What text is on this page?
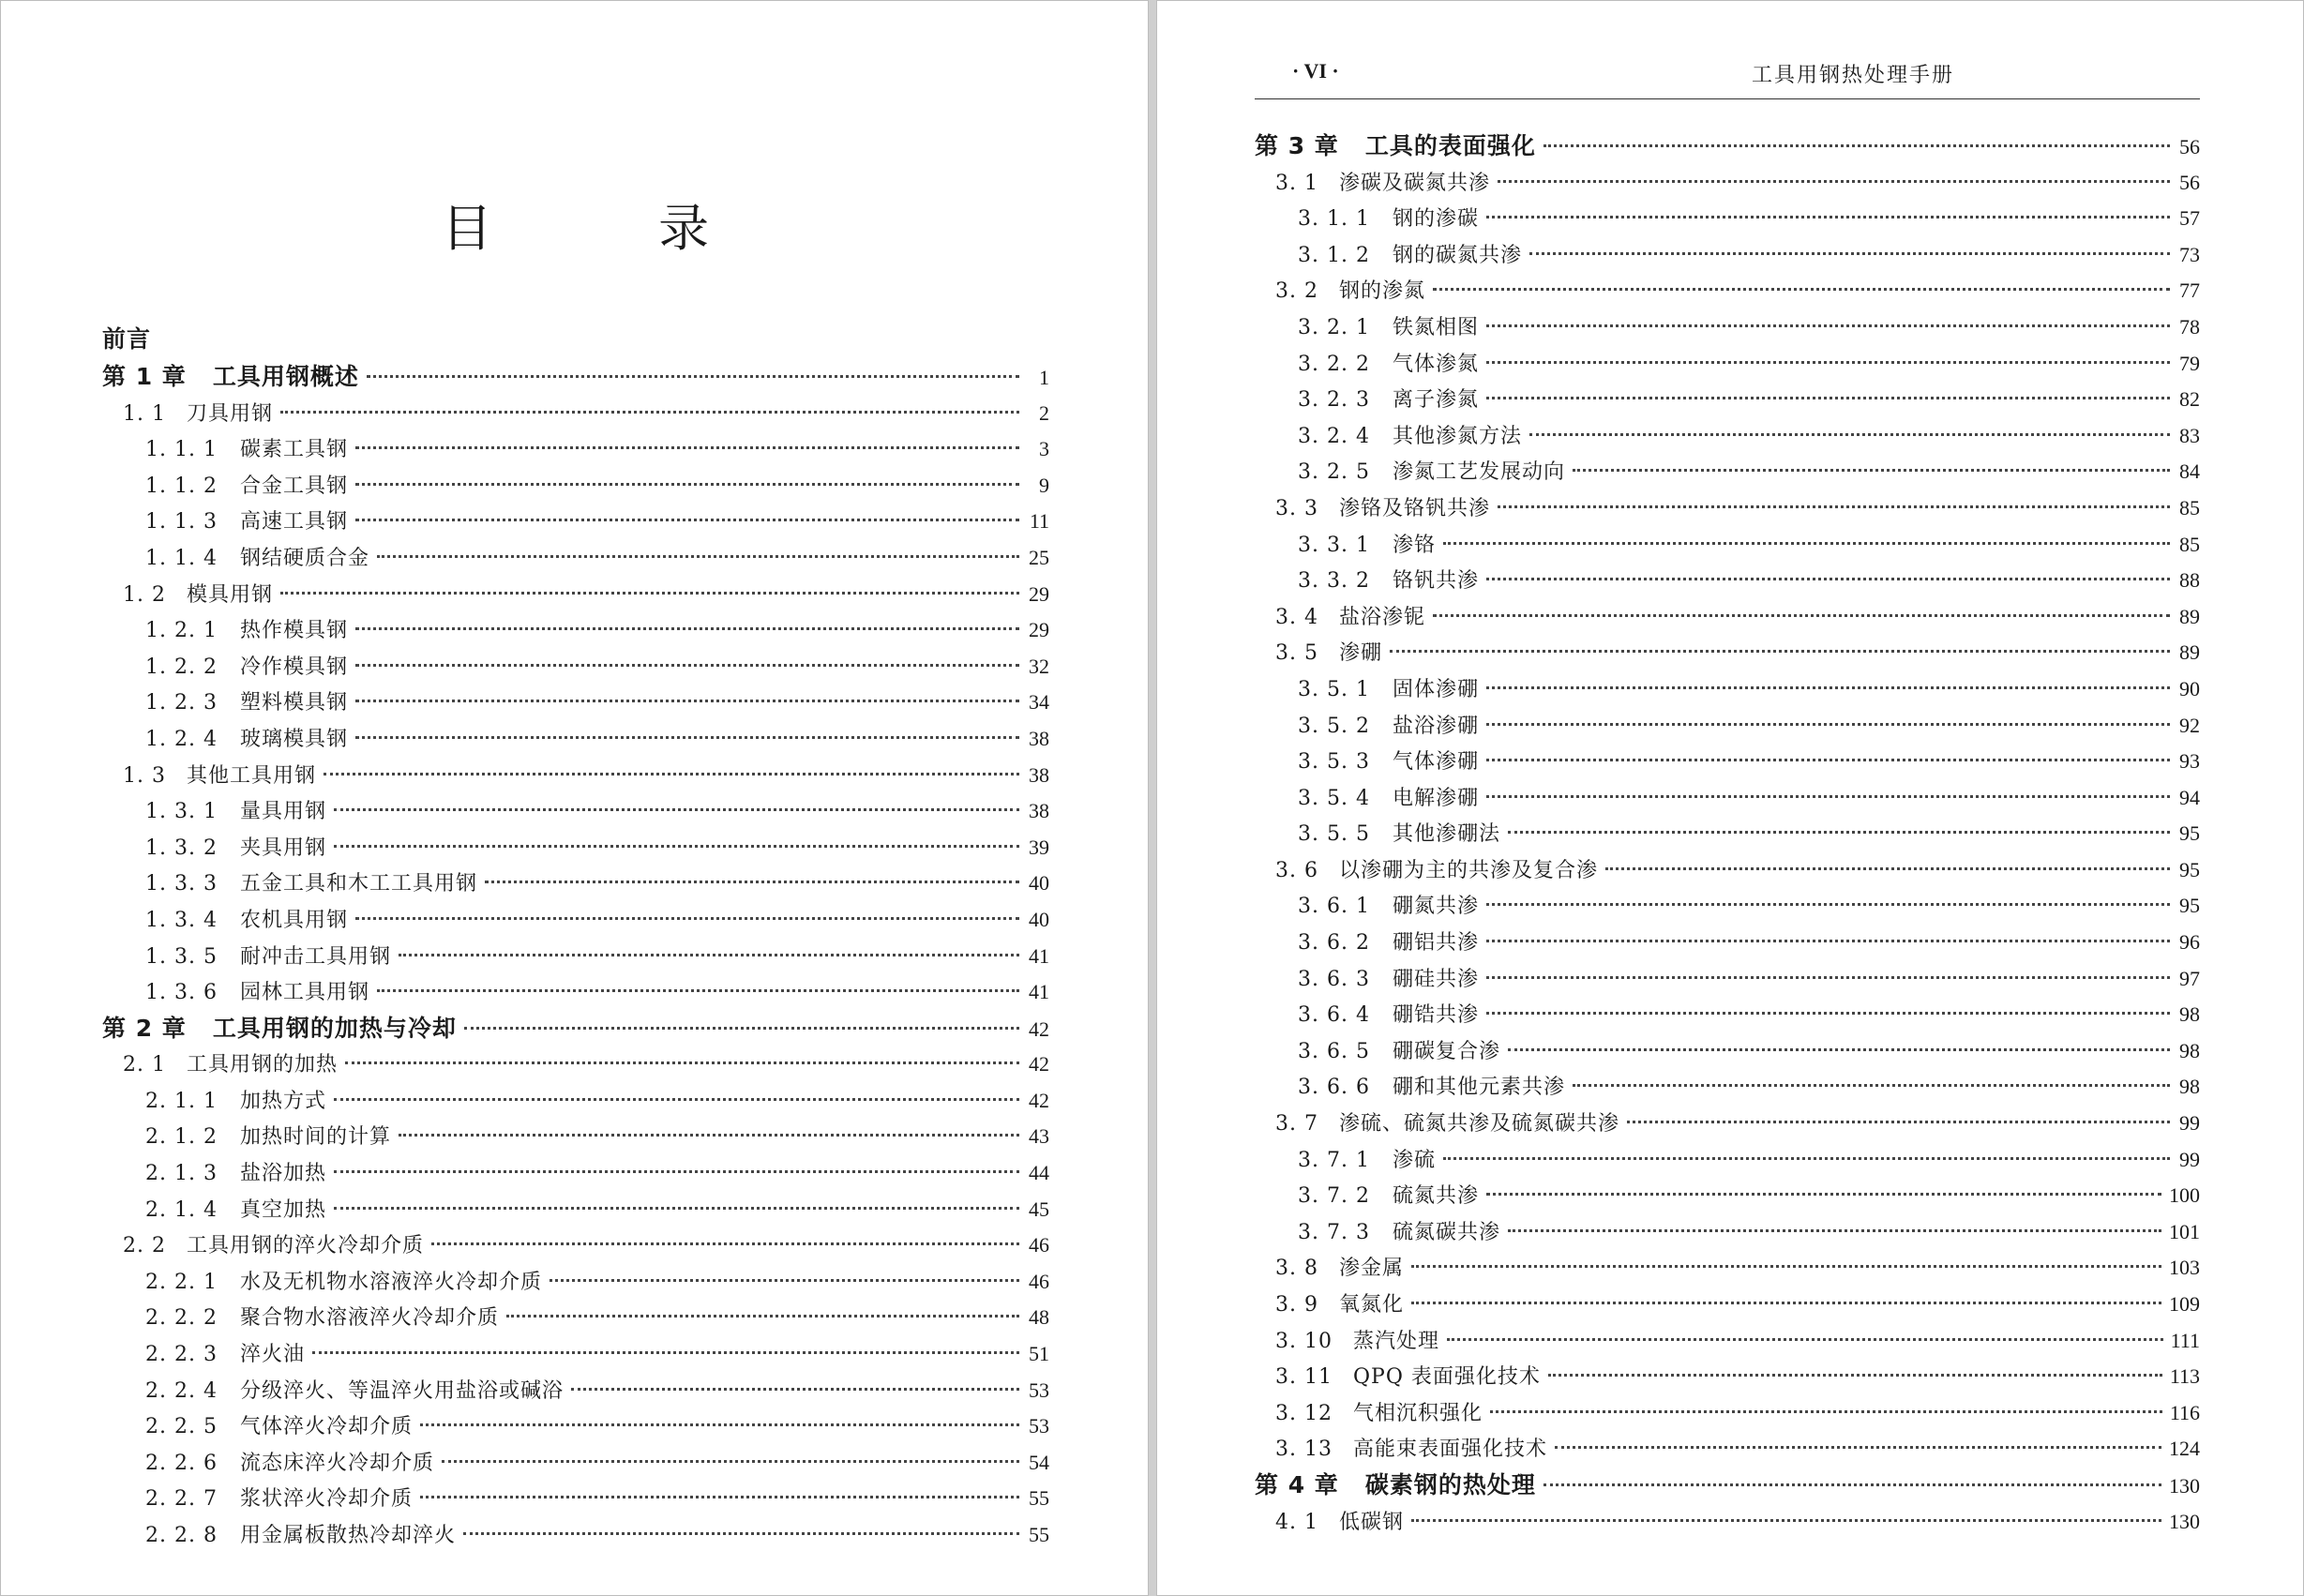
目 录
前言
第 1 章 工具用钢概述	1
1. 1 刀具用钢	2
1. 1. 1 碳素工具钢	3
1. 1. 2 合金工具钢	9
1. 1. 3 高速工具钢	11
1. 1. 4 钢结硬质合金	25
1. 2 模具用钢	29
1. 2. 1 热作模具钢	29
1. 2. 2 冷作模具钢	32
1. 2. 3 塑料模具钢	34
1. 2. 4 玻璃模具钢	38
1. 3 其他工具用钢	38
1. 3. 1 量具用钢	38
1. 3. 2 夹具用钢	39
1. 3. 3 五金工具和木工工具用钢	40
1. 3. 4 农机具用钢	40
1. 3. 5 耐冲击工具用钢	41
1. 3. 6 园林工具用钢	41
第 2 章 工具用钢的加热与冷却	42
2. 1 工具用钢的加热	42
2. 1. 1 加热方式	42
2. 1. 2 加热时间的计算	43
2. 1. 3 盐浴加热	44
2. 1. 4 真空加热	45
2. 2 工具用钢的淬火冷却介质	46
2. 2. 1 水及无机物水溶液淬火冷却介质	46
2. 2. 2 聚合物水溶液淬火冷却介质	48
2. 2. 3 淬火油	51
2. 2. 4 分级淬火、等温淬火用盐浴或碱浴	53
2. 2. 5 气体淬火冷却介质	53
2. 2. 6 流态床淬火冷却介质	54
2. 2. 7 浆状淬火冷却介质	55
2. 2. 8 用金属板散热冷却淬火	55
· VI ·	工具用钢热处理手册
第 3 章 工具的表面强化	56
3. 1 渗碳及碳氮共渗	56
3. 1. 1 钢的渗碳	57
3. 1. 2 钢的碳氮共渗	73
3. 2 钢的渗氮	77
3. 2. 1 铁氮相图	78
3. 2. 2 气体渗氮	79
3. 2. 3 离子渗氮	82
3. 2. 4 其他渗氮方法	83
3. 2. 5 渗氮工艺发展动向	84
3. 3 渗铬及铬钒共渗	85
3. 3. 1 渗铬	85
3. 3. 2 铬钒共渗	88
3. 4 盐浴渗铌	89
3. 5 渗硼	89
3. 5. 1 固体渗硼	90
3. 5. 2 盐浴渗硼	92
3. 5. 3 气体渗硼	93
3. 5. 4 电解渗硼	94
3. 5. 5 其他渗硼法	95
3. 6 以渗硼为主的共渗及复合渗	95
3. 6. 1 硼氮共渗	95
3. 6. 2 硼铝共渗	96
3. 6. 3 硼硅共渗	97
3. 6. 4 硼锆共渗	98
3. 6. 5 硼碳复合渗	98
3. 6. 6 硼和其他元素共渗	98
3. 7 渗硫、硫氮共渗及硫氮碳共渗	99
3. 7. 1 渗硫	99
3. 7. 2 硫氮共渗	100
3. 7. 3 硫氮碳共渗	101
3. 8 渗金属	103
3. 9 氧氮化	109
3. 10 蒸汽处理	111
3. 11 QPQ 表面强化技术	113
3. 12 气相沉积强化	116
3. 13 高能束表面强化技术	124
第 4 章 碳素钢的热处理	130
4. 1 低碳钢	130
